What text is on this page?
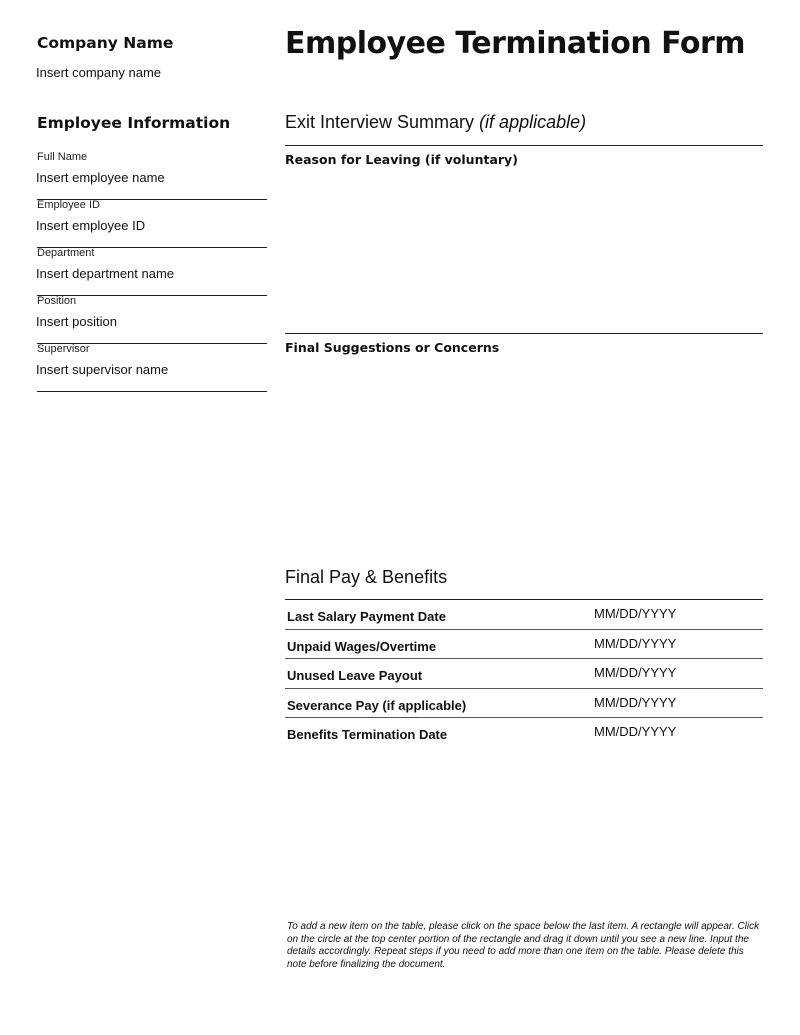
Company Name
Insert company name
Employee Information
Full Name
Insert employee name
Employee ID
Insert employee ID
Department
Insert department name
Position
Insert position
Supervisor
Insert supervisor name
Employee Termination Form
Exit Interview Summary (if applicable)
Reason for Leaving (if voluntary)
Final Suggestions or Concerns
Final Pay & Benefits
Last Salary Payment Date	MM/DD/YYYY
Unpaid Wages/Overtime	MM/DD/YYYY
Unused Leave Payout	MM/DD/YYYY
Severance Pay (if applicable)	MM/DD/YYYY
Benefits Termination Date	MM/DD/YYYY
To add a new item on the table, please click on the space below the last item. A rectangle will appear. Click on the circle at the top center portion of the rectangle and drag it down until you see a new line. Input the details accordingly. Repeat steps if you need to add more than one item on the table. Please delete this note before finalizing the document.
